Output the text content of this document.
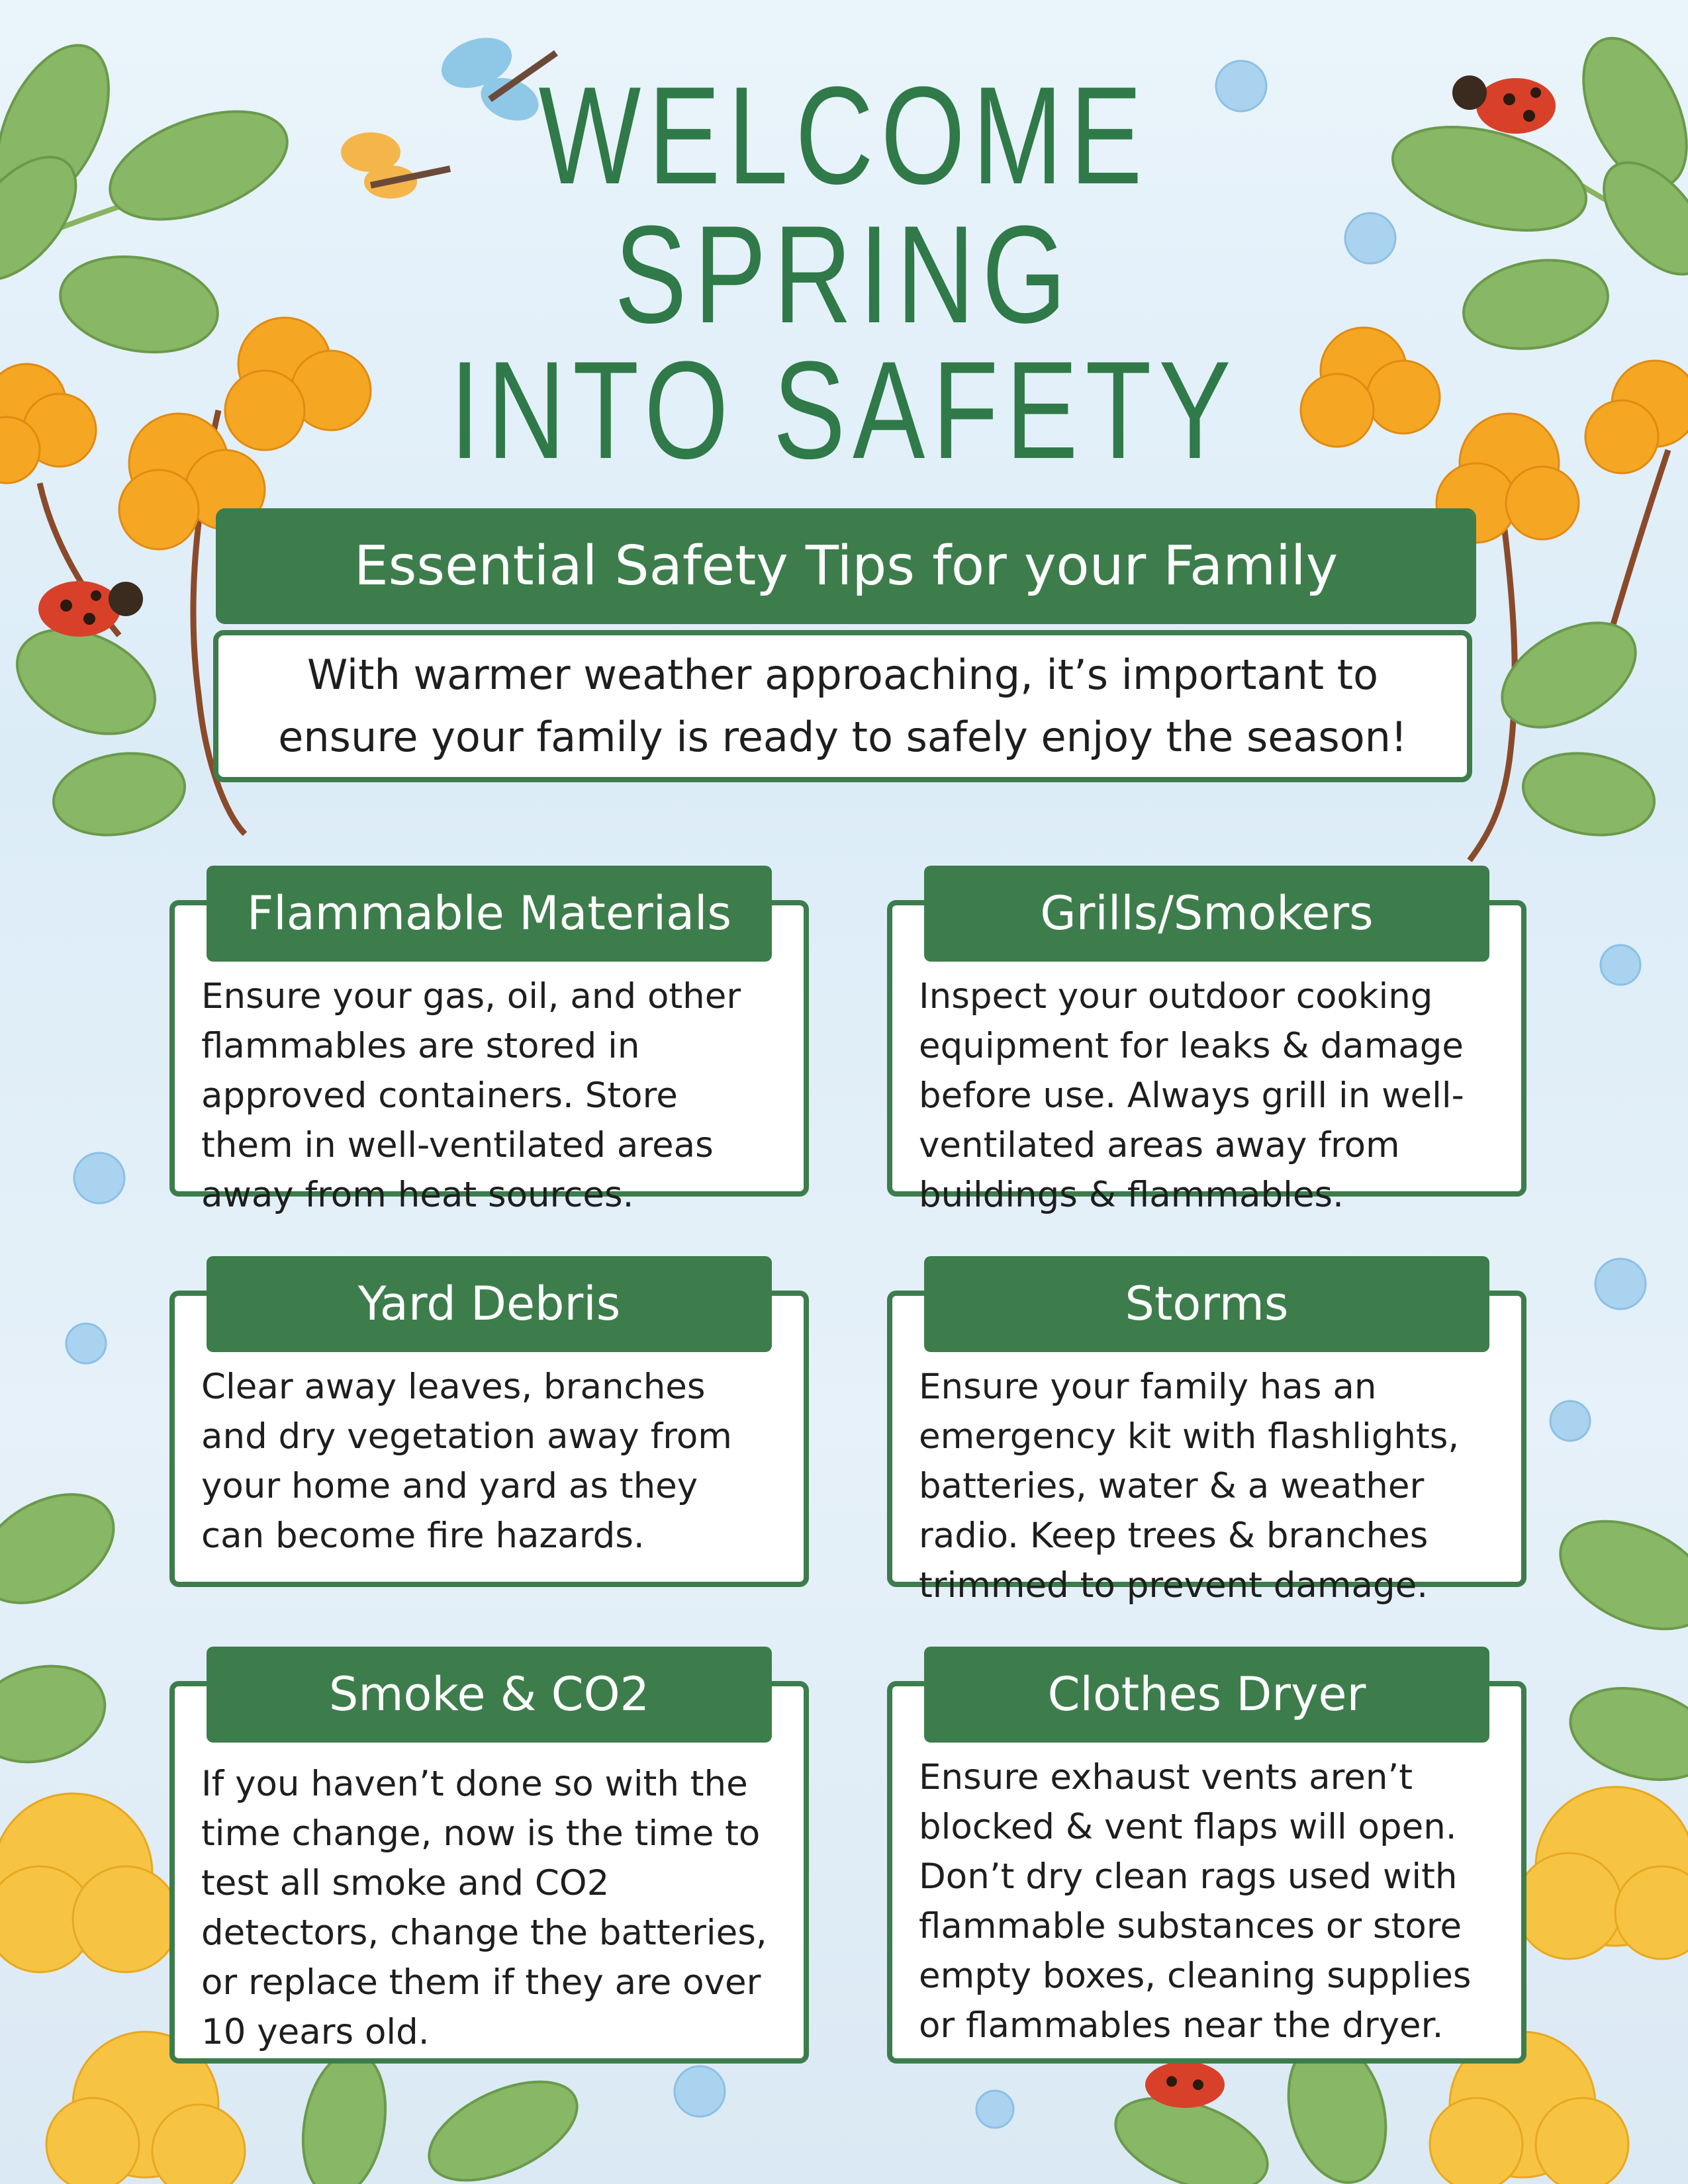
WELCOME
SPRING
INTO SAFETY
Essential Safety Tips for your Family
With warmer weather approaching, it’s important to ensure your family is ready to safely enjoy the season!
Flammable Materials
Ensure your gas, oil, and other
flammables are stored in
approved containers. Store
them in well-ventilated areas
away from heat sources.
Grills/Smokers
Inspect your outdoor cooking
equipment for leaks & damage
before use. Always grill in well-
ventilated areas away from
buildings & flammables.
Yard Debris
Clear away leaves, branches
and dry vegetation away from
your home and yard as they
can become fire hazards.
Storms
Ensure your family has an
emergency kit with flashlights,
batteries, water & a weather
radio. Keep trees & branches
trimmed to prevent damage.
Smoke & CO2
If you haven’t done so with the
time change, now is the time to
test all smoke and CO2
detectors, change the batteries,
or replace them if they are over
10 years old.
Clothes Dryer
Ensure exhaust vents aren’t
blocked & vent flaps will open.
Don’t dry clean rags used with
flammable substances or store
empty boxes, cleaning supplies
or flammables near the dryer.
